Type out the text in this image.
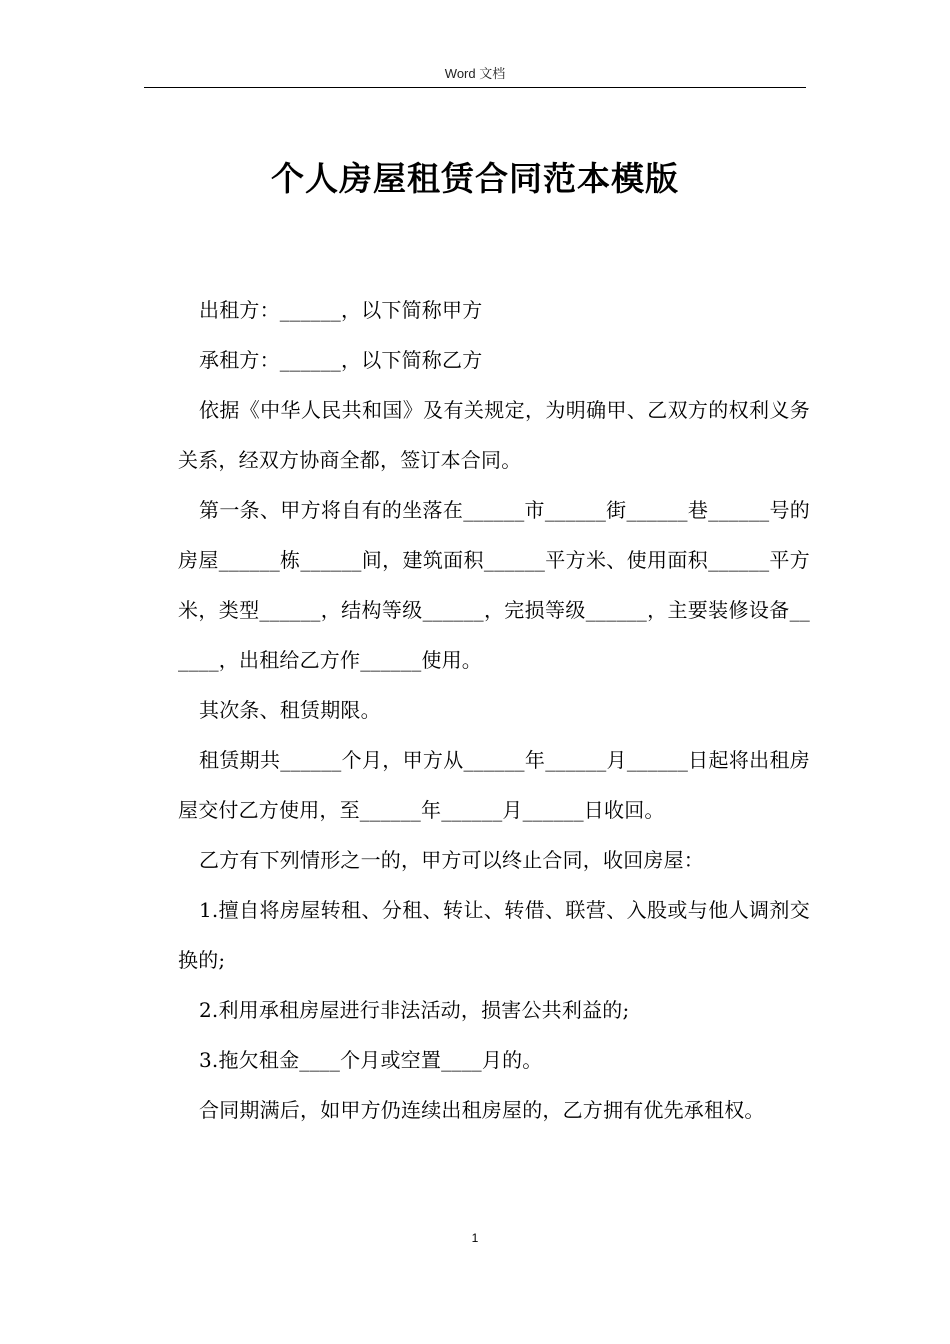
Word 文档
个人房屋租赁合同范本模版

出租方：______，以下简称甲方

承租方：______，以下简称乙方

依据《中华人民共和国》及有关规定，为明确甲、乙双方的权利义务关系，经双方协商全都，签订本合同。

第一条、甲方将自有的坐落在______市______街______巷______号的房屋______栋______间，建筑面积______平方米、使用面积______平方米，类型______，结构等级______，完损等级______，主要装修设备______，出租给乙方作______使用。

其次条、租赁期限。

租赁期共______个月，甲方从______年______月______日起将出租房屋交付乙方使用，至______年______月______日收回。

乙方有下列情形之一的，甲方可以终止合同，收回房屋：

1.擅自将房屋转租、分租、转让、转借、联营、入股或与他人调剂交换的;

2.利用承租房屋进行非法活动，损害公共利益的;

3.拖欠租金____个月或空置____月的。

合同期满后，如甲方仍连续出租房屋的，乙方拥有优先承租权。

1
